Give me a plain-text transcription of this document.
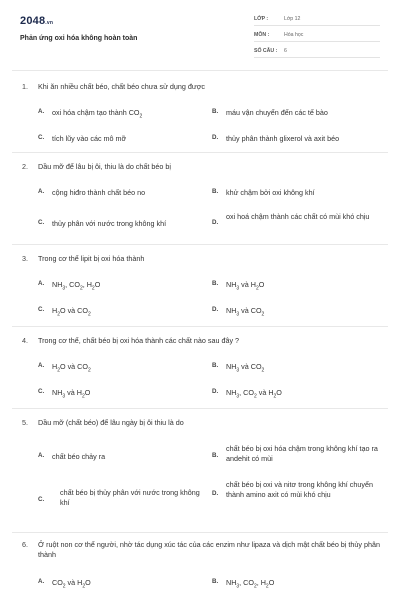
2048.vn
Phản ứng oxi hóa không hoàn toàn
LỚP :	Lớp 12
MÔN :	Hóa học
SỐ CÂU : 6
1.	Khi ăn nhiều chất béo, chất béo chưa sử dụng được
A. oxi hóa chậm tạo thành $CO_2$
B. máu vận chuyển đến các tế bào
C. tích lũy vào các mô mỡ	D. thủy phân thành glixerol và axit béo
2.	Dầu mỡ để lâu bị ôi, thiu là do chất béo bị
A. cộng hiđro thành chất béo no	B. khử chậm bởi oxi không khí
C. thủy phân với nước trong không khí	D.
oxi hoá chậm thành các chất có mùi khó chịu
3.	Trong cơ thể lipit bị oxi hóa thành
A. $NH_3$, $CO_2$, $H_2O$	B. $NH_3$ và $H_2O$
C. $H_2O$ và $CO_2$
D. $NH_3$ và $CO_2$
4.	Trong cơ thể, chất béo bị oxi hóa thành các chất nào sau đây ?
A. $H_2O$ và $CO_2$
B. $NH_3$ và $CO_2$
C. $NH_3$ và $H_2O$	D. $NH_3$, $CO_2$ và $H_2O$
5.	Dầu mỡ (chất béo) để lâu ngày bị ôi thiu là do
A. chất béo chảy ra	B.
chất béo bị oxi hóa chậm trong không khí tạo ra andehit có mùi
C.
chất béo bị thủy phân với nước trong không khí
D.
chất béo bị oxi và nitơ trong không khí chuyển thành amino axit có mùi khó chịu
6.	Ở ruột non cơ thể người, nhờ tác dụng xúc tác của các enzim như lipaza và dịch mật chất béo bị thủy phân thành
A. $CO_2$ và $H_2O$	B. $NH_3$, $CO_2$, $H_2O$
